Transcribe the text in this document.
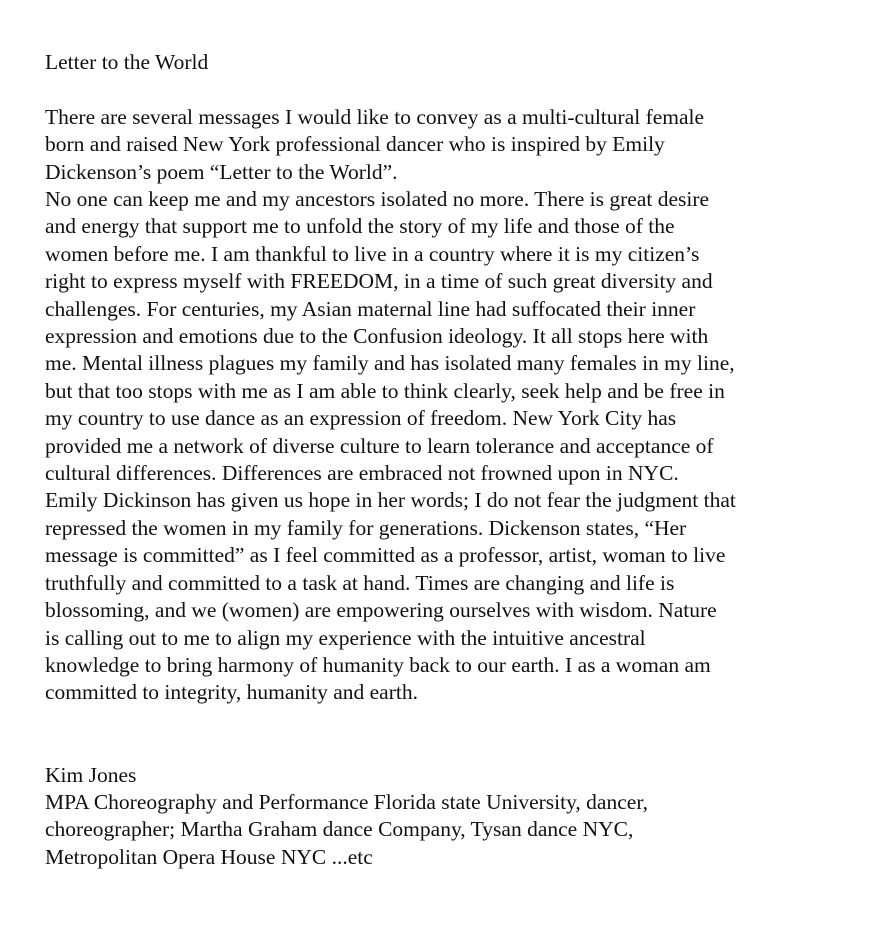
Letter to the World
There are several messages I would like to convey as a multi-cultural female
born and raised New York professional dancer who is inspired by Emily
Dickenson’s poem “Letter to the World”.
No one can keep me and my ancestors isolated no more. There is great desire
and energy that support me to unfold the story of my life and those of the
women before me. I am thankful to live in a country where it is my citizen’s
right to express myself with FREEDOM, in a time of such great diversity and
challenges. For centuries, my Asian maternal line had suffocated their inner
expression and emotions due to the Confusion ideology. It all stops here with
me. Mental illness plagues my family and has isolated many females in my line,
but that too stops with me as I am able to think clearly, seek help and be free in
my country to use dance as an expression of freedom. New York City has
provided me a network of diverse culture to learn tolerance and acceptance of
cultural differences. Differences are embraced not frowned upon in NYC.
Emily Dickinson has given us hope in her words; I do not fear the judgment that
repressed the women in my family for generations. Dickenson states, “Her
message is committed” as I feel committed as a professor, artist, woman to live
truthfully and committed to a task at hand. Times are changing and life is
blossoming, and we (women) are empowering ourselves with wisdom. Nature
is calling out to me to align my experience with the intuitive ancestral
knowledge to bring harmony of humanity back to our earth. I as a woman am
committed to integrity, humanity and earth.
Kim Jones
MPA Choreography and Performance Florida state University, dancer,
choreographer; Martha Graham dance Company, Tysan dance NYC,
Metropolitan Opera House NYC ...etc
